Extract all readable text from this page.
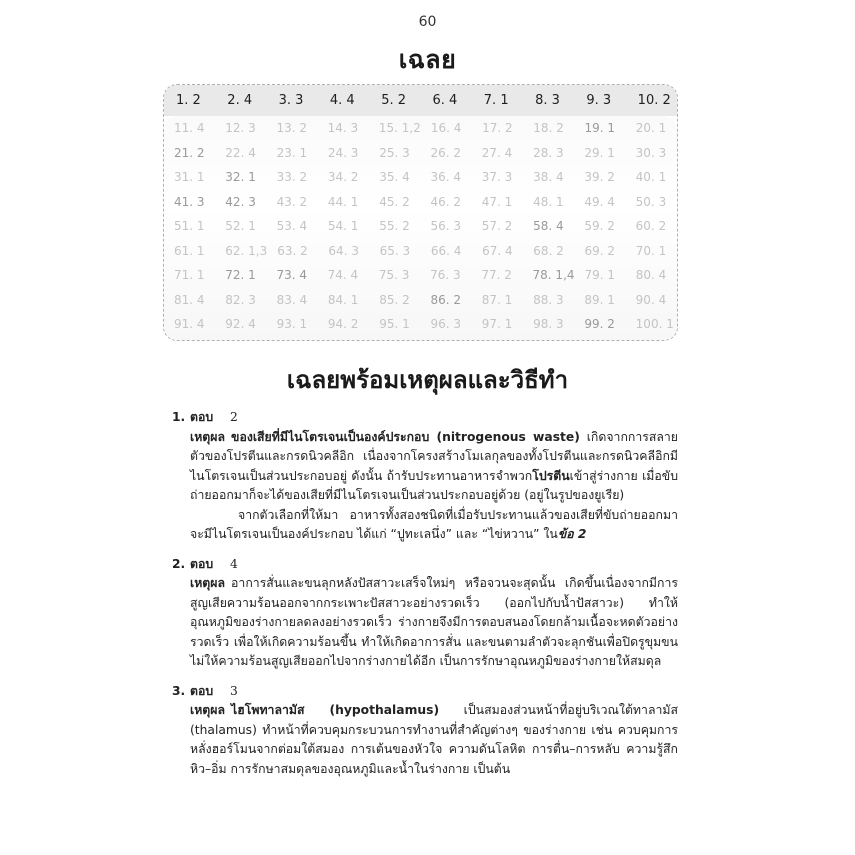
60
เฉลย
1. 2	2. 4	3. 3	4. 4	5. 2	6. 4	7. 1	8. 3	9. 3	10. 2
11. 4	12. 3	13. 2	14. 3	15. 1,2 16. 4	17. 2	18. 2	19. 1	20. 1
21. 2	22. 4	23. 1	24. 3	25. 3	26. 2	27. 4	28. 3	29. 1	30. 3
31. 1	32. 1	33. 2	34. 2	35. 4	36. 4	37. 3	38. 4	39. 2	40. 1
41. 3	42. 3	43. 2	44. 1	45. 2	46. 2	47. 1	48. 1	49. 4	50. 3
51. 1	52. 1	53. 4	54. 1	55. 2	56. 3	57. 2	58. 4	59. 2	60. 2
61. 1	62. 1,3 63. 2	64. 3	65. 3	66. 4	67. 4	68. 2	69. 2	70. 1
71. 1	72. 1	73. 4	74. 4	75. 3	76. 3	77. 2	78. 1,4 79. 1	80. 4
81. 4	82. 3	83. 4	84. 1	85. 2	86. 2	87. 1	88. 3	89. 1	90. 4
91. 4	92. 4	93. 1	94. 2	95. 1	96. 3	97. 1	98. 3	99. 2	100. 1
เฉลยพร้อมเหตุผลและวิธีทำ
1. ตอบ	2
เหตุผล ของเสียที่มีไนโตรเจนเป็นองค์ประกอบ (nitrogenous waste) เกิดจากการสลายตัวของโปรตีนและกรดนิวคลีอิก เนื่องจากโครงสร้างโมเลกุลของทั้งโปรตีนและกรดนิวคลีอิกมีไนโตรเจนเป็นส่วนประกอบอยู่ ดังนั้น ถ้ารับประทานอาหารจำพวกโปรตีนเข้าสู่ร่างกาย เมื่อขับถ่ายออกมาก็จะได้ของเสียที่มีไนโตรเจนเป็นส่วนประกอบอยู่ด้วย (อยู่ในรูปของยูเรีย)
จากตัวเลือกที่ให้มา อาหารทั้งสองชนิดที่เมื่อรับประทานแล้วของเสียที่ขับถ่ายออกมาจะมีไนโตรเจนเป็นองค์ประกอบ ได้แก่ “ปูทะเลนึ่ง” และ “ไข่หวาน” ในข้อ 2
2. ตอบ	4
เหตุผล อาการสั่นและขนลุกหลังปัสสาวะเสร็จใหม่ๆ หรือจวนจะสุดนั้น เกิดขึ้นเนื่องจากมีการสูญเสียความร้อนออกจากกระเพาะปัสสาวะอย่างรวดเร็ว (ออกไปกับน้ำปัสสาวะ) ทำให้อุณหภูมิของร่างกายลดลงอย่างรวดเร็ว ร่างกายจึงมีการตอบสนองโดยกล้ามเนื้อจะหดตัวอย่างรวดเร็ว เพื่อให้เกิดความร้อนขึ้น ทำให้เกิดอาการสั่น และขนตามลำตัวจะลุกชันเพื่อปิดรูขุมขนไม่ให้ความร้อนสูญเสียออกไปจากร่างกายได้อีก เป็นการรักษาอุณหภูมิของร่างกายให้สมดุล
3. ตอบ	3
เหตุผล ไฮโพทาลามัส (hypothalamus) เป็นสมองส่วนหน้าที่อยู่บริเวณใต้ทาลามัส (thalamus) ทำหน้าที่ควบคุมกระบวนการทำงานที่สำคัญต่างๆ ของร่างกาย เช่น ควบคุมการหลั่งฮอร์โมนจากต่อมใต้สมอง การเต้นของหัวใจ ความดันโลหิต การตื่น–การหลับ ความรู้สึกหิว–อิ่ม การรักษาสมดุลของอุณหภูมิและน้ำในร่างกาย เป็นต้น
